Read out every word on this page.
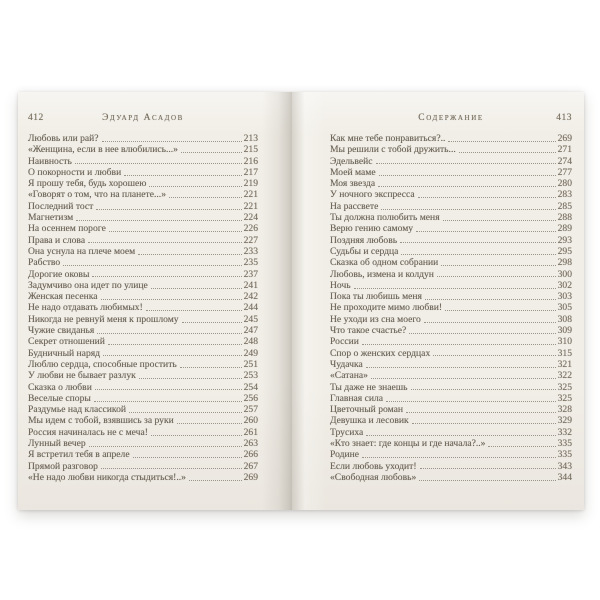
412	Эдуард Асадов
Любовь или рай?	213
«Женщина, если в нее влюбились...»	215
Наивность	216
О покорности и любви	217
Я прошу тебя, будь хорошею	219
«Говорят о том, что на планете...»	221
Последний тост	221
Магнетизм	224
На осеннем пороге	226
Права и слова	227
Она уснула на плече моем	233
Рабство	235
Дорогие оковы	237
Задумчиво она идет по улице	241
Женская песенка	242
Не надо отдавать любимых!	244
Никогда не ревнуй меня к прошлому	245
Чужие свиданья	247
Секрет отношений	248
Будничный наряд	249
Люблю сердца, способные простить	251
У любви не бывает разлук	253
Сказка о любви	254
Веселые споры	256
Раздумье над классикой	257
Мы идем с тобой, взявшись за руки	260
Россия начиналась не с меча!	261
Лунный вечер	263
Я встретил тебя в апреле	266
Прямой разговор	267
«Не надо любви никогда стыдиться!..»	269
Содержание	413
Как мне тебе понравиться?..	269
Мы решили с тобой дружить...	271
Эдельвейс	274
Моей маме	277
Моя звезда	280
У ночного экспресса	283
На рассвете	285
Ты должна полюбить меня	288
Верю гению самому	289
Поздняя любовь	293
Судьбы и сердца	295
Сказка об одном собрании	298
Любовь, измена и колдун	300
Ночь	302
Пока ты любишь меня	303
Не проходите мимо любви!	305
Не уходи из сна моего	308
Что такое счастье?	309
России	310
Спор о женских сердцах	315
Чудачка	321
«Сатана»	322
Ты даже не знаешь	325
Главная сила	325
Цветочный роман	328
Девушка и лесовик	329
Трусиха	332
«Кто знает: где концы и где начала?..»	335
Родине	335
Если любовь уходит!	343
«Свободная любовь»	344
